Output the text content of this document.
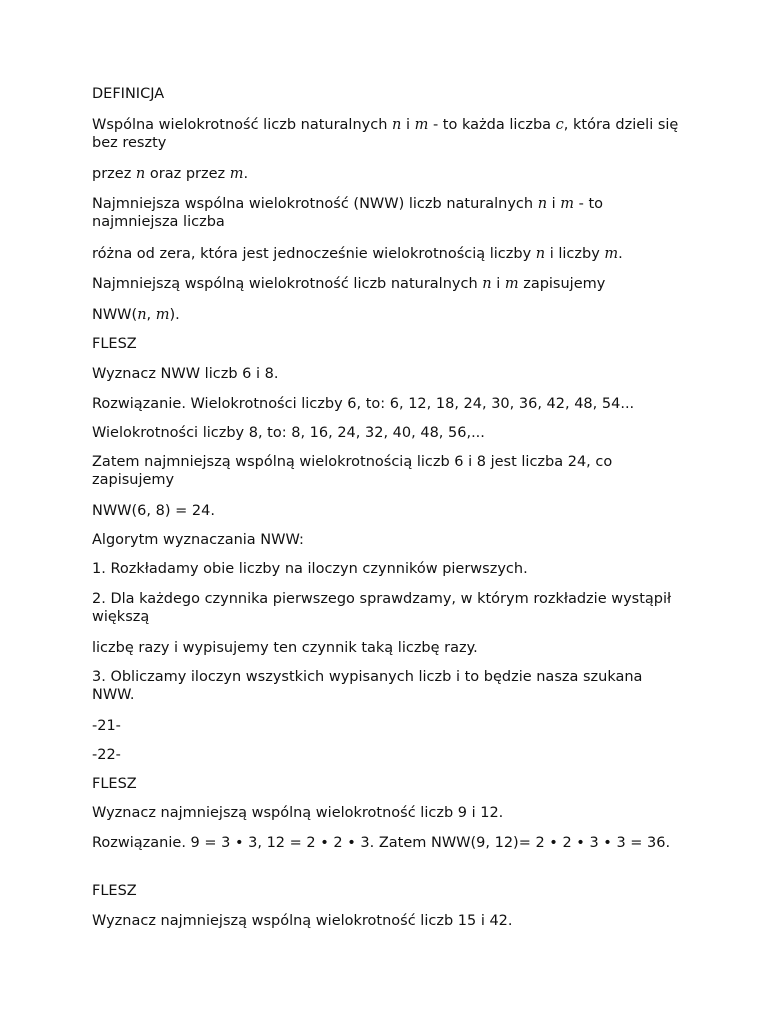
DEFINICJA

Wspólna wielokrotność liczb naturalnych n i m - to każda liczba c, która dzieli się bez reszty

przez n oraz przez m.

Najmniejsza wspólna wielokrotność (NWW) liczb naturalnych n i m - to najmniejsza liczba

różna od zera, która jest jednocześnie wielokrotnością liczby n i liczby m.

Najmniejszą wspólną wielokrotność liczb naturalnych n i m zapisujemy

NWW(n, m).

FLESZ

Wyznacz NWW liczb 6 i 8.

Rozwiązanie. Wielokrotności liczby 6, to: 6, 12, 18, 24, 30, 36, 42, 48, 54...

Wielokrotności liczby 8, to: 8, 16, 24, 32, 40, 48, 56,...

Zatem najmniejszą wspólną wielokrotnością liczb 6 i 8 jest liczba 24, co zapisujemy

NWW(6, 8) = 24.

Algorytm wyznaczania NWW:

1. Rozkładamy obie liczby na iloczyn czynników pierwszych.

2. Dla każdego czynnika pierwszego sprawdzamy, w którym rozkładzie wystąpił większą

liczbę razy i wypisujemy ten czynnik taką liczbę razy.

3. Obliczamy iloczyn wszystkich wypisanych liczb i to będzie nasza szukana NWW.

-21-

-22-

FLESZ

Wyznacz najmniejszą wspólną wielokrotność liczb 9 i 12.

Rozwiązanie. 9 = 3 • 3, 12 = 2 • 2 • 3. Zatem NWW(9, 12)= 2 • 2 • 3 • 3 = 36.

FLESZ

Wyznacz najmniejszą wspólną wielokrotność liczb 15 i 42.
